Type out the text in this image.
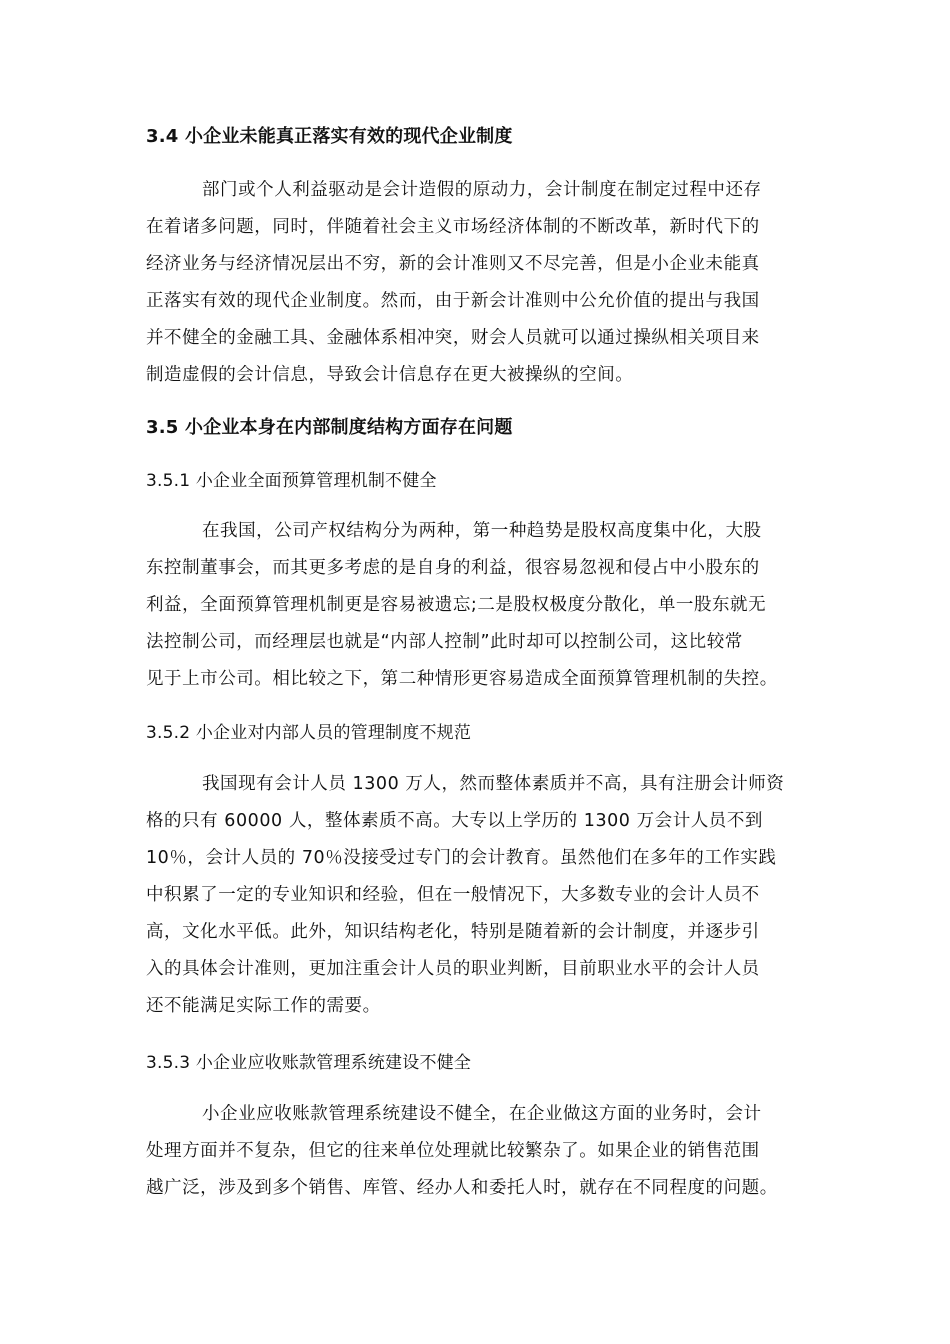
3.4 小企业未能真正落实有效的现代企业制度
部门或个人利益驱动是会计造假的原动力，会计制度在制定过程中还存
在着诸多问题，同时，伴随着社会主义市场经济体制的不断改革，新时代下的
经济业务与经济情况层出不穷，新的会计准则又不尽完善，但是小企业未能真
正落实有效的现代企业制度。然而，由于新会计准则中公允价值的提出与我国
并不健全的金融工具、金融体系相冲突，财会人员就可以通过操纵相关项目来
制造虚假的会计信息，导致会计信息存在更大被操纵的空间。
3.5 小企业本身在内部制度结构方面存在问题
3.5.1 小企业全面预算管理机制不健全
在我国，公司产权结构分为两种，第一种趋势是股权高度集中化，大股
东控制董事会，而其更多考虑的是自身的利益，很容易忽视和侵占中小股东的
利益，全面预算管理机制更是容易被遗忘;二是股权极度分散化，单一股东就无
法控制公司，而经理层也就是“内部人控制”此时却可以控制公司，这比较常
见于上市公司。相比较之下，第二种情形更容易造成全面预算管理机制的失控。
3.5.2 小企业对内部人员的管理制度不规范
我国现有会计人员 1300 万人，然而整体素质并不高，具有注册会计师资
格的只有 60000 人，整体素质不高。大专以上学历的 1300 万会计人员不到
10％，会计人员的 70％没接受过专门的会计教育。虽然他们在多年的工作实践
中积累了一定的专业知识和经验，但在一般情况下，大多数专业的会计人员不
高，文化水平低。此外，知识结构老化，特别是随着新的会计制度，并逐步引
入的具体会计准则，更加注重会计人员的职业判断，目前职业水平的会计人员
还不能满足实际工作的需要。
3.5.3 小企业应收账款管理系统建设不健全
小企业应收账款管理系统建设不健全，在企业做这方面的业务时，会计
处理方面并不复杂，但它的往来单位处理就比较繁杂了。如果企业的销售范围
越广泛，涉及到多个销售、库管、经办人和委托人时，就存在不同程度的问题。
